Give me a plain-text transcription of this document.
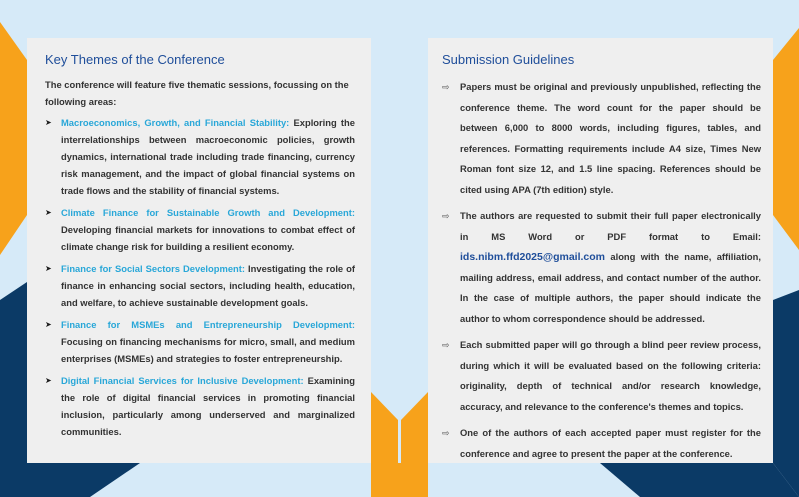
Key Themes of the Conference
The conference will feature five thematic sessions, focussing on the following areas:
➤ Macroeconomics, Growth, and Financial Stability: Exploring the interrelationships between macroeconomic policies, growth dynamics, international trade including trade financing, currency risk management, and the impact of global financial systems on trade flows and the stability of financial systems.
➤ Climate Finance for Sustainable Growth and Development: Developing financial markets for innovations to combat effect of climate change risk for building a resilient economy.
➤ Finance for Social Sectors Development: Investigating the role of finance in enhancing social sectors, including health, education, and welfare, to achieve sustainable development goals.
➤ Finance for MSMEs and Entrepreneurship Development: Focusing on financing mechanisms for micro, small, and medium enterprises (MSMEs) and strategies to foster entrepreneurship.
➤ Digital Financial Services for Inclusive Development: Examining the role of digital financial services in promoting financial inclusion, particularly among underserved and marginalized communities.
Submission Guidelines
⇨	Papers must be original and previously unpublished, reflecting the conference theme. The word count for the paper should be between 6,000 to 8000 words, including figures, tables, and references. Formatting requirements include A4 size, Times New Roman font size 12, and 1.5 line spacing. References should be cited using APA (7th edition) style.
⇨	The authors are requested to submit their full paper electronically in MS Word or PDF format to Email: ids.nibm.ffd2025@gmail.com along with the name, affiliation, mailing address, email address, and contact number of the author. In the case of multiple authors, the paper should indicate the author to whom correspondence should be addressed.
⇨	Each submitted paper will go through a blind peer review process, during which it will be evaluated based on the following criteria: originality, depth of technical and/or research knowledge, accuracy, and relevance to the conference's themes and topics.
⇨	One of the authors of each accepted paper must register for the conference and agree to present the paper at the conference.
